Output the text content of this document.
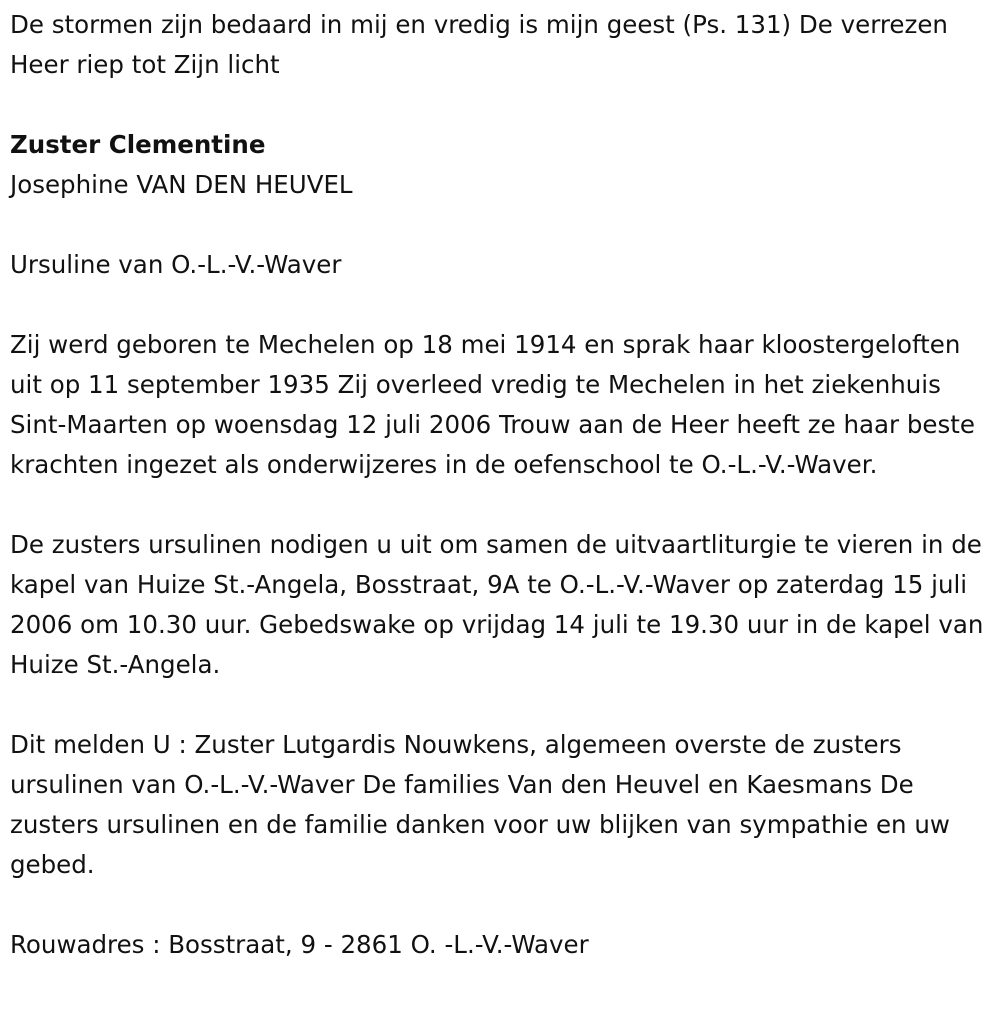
De stormen zijn bedaard in mij en vredig is mijn geest (Ps. 131) De verrezen Heer riep tot Zijn licht

Zuster Clementine

Josephine VAN DEN HEUVEL

Ursuline van O.-L.-V.-Waver

Zij werd geboren te Mechelen op 18 mei 1914 en sprak haar kloostergeloften uit op 11 september 1935 Zij overleed vredig te Mechelen in het ziekenhuis Sint-Maarten op woensdag 12 juli 2006 Trouw aan de Heer heeft ze haar beste krachten ingezet als onderwijzeres in de oefenschool te O.-L.-V.-Waver.

De zusters ursulinen nodigen u uit om samen de uitvaartliturgie te vieren in de kapel van Huize St.-Angela, Bosstraat, 9A te O.-L.-V.-Waver op zaterdag 15 juli 2006 om 10.30 uur. Gebedswake op vrijdag 14 juli te 19.30 uur in de kapel van Huize St.-Angela.

Dit melden U : Zuster Lutgardis Nouwkens, algemeen overste de zusters ursulinen van O.-L.-V.-Waver De families Van den Heuvel en Kaesmans De zusters ursulinen en de familie danken voor uw blijken van sympathie en uw gebed.

Rouwadres : Bosstraat, 9 - 2861 O. -L.-V.-Waver
